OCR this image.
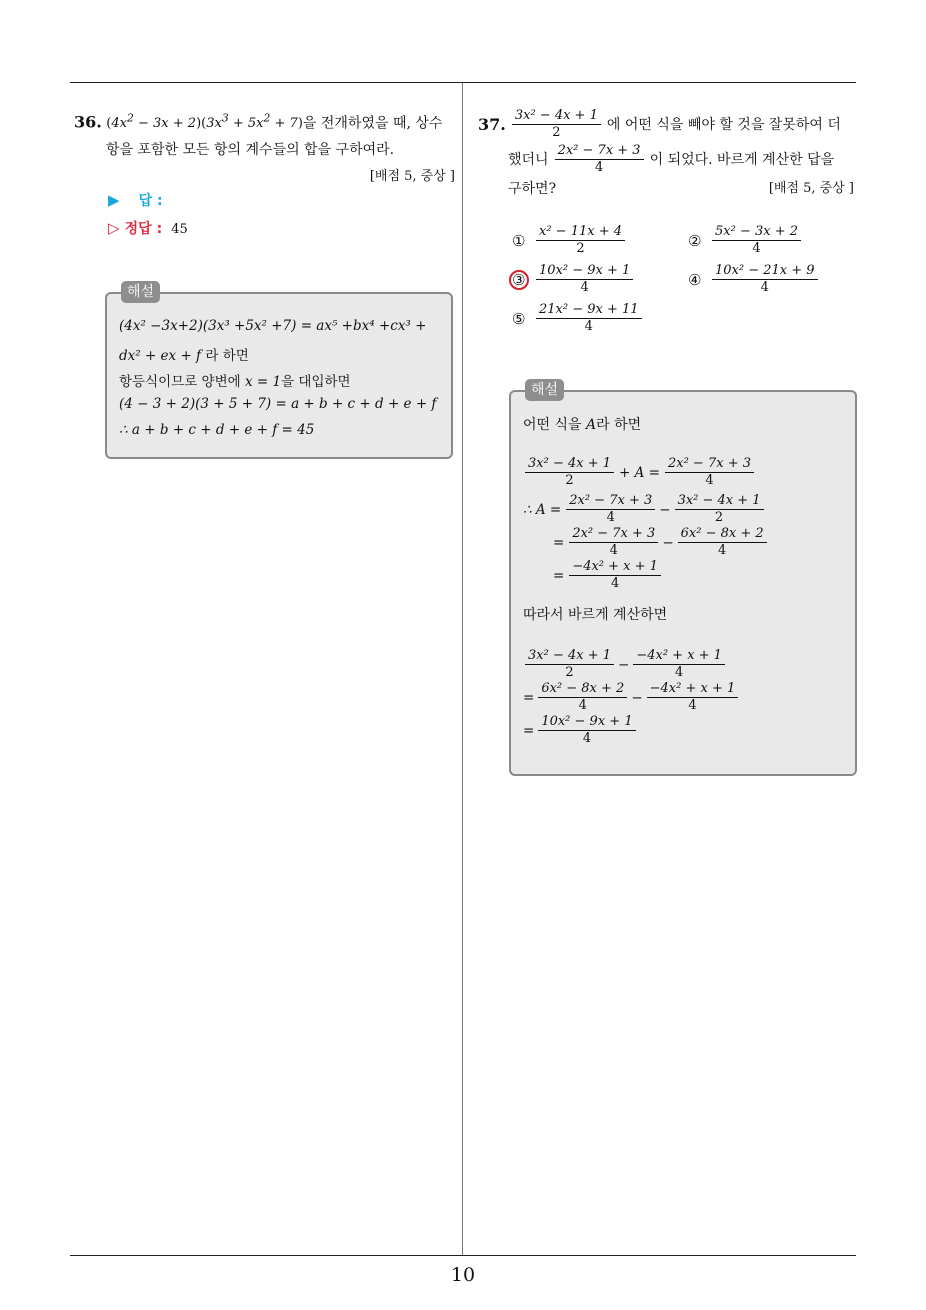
10
36. $(4x^2 - 3x + 2)(3x^3 + 5x^2 + 7)$을 전개하였을 때, 상수
항을 포함한 모든 항의 계수들의 합을 구하여라.
[배점 5, 중상 ]
▶ 답 :
▷ 정답 : 45
해설
(4x² −3x+2)(3x³ +5x² +7) = ax⁵ +bx⁴ +cx³ +
dx² + ex + f 라 하면
항등식이므로 양변에 x = 1을 대입하면
(4 − 3 + 2)(3 + 5 + 7) = a + b + c + d + e + f
∴ a + b + c + d + e + f = 45
37. $\frac{\text{3x² − 4x + 1}}{2}$ 에 어떤 식을 빼야 할 것을 잘못하여 더
했더니 $\frac{\text{2x² − 7x + 3}}{4}$ 이 되었다. 바르게 계산한 답을
구하면?	[배점 5, 중상 ]
① $\frac{\text{x² − 11x + 4}}{2}$	② $\frac{\text{5x² − 3x + 2}}{4}$
③ $\frac{\text{10x² − 9x + 1}}{4}$	④ $\frac{\text{10x² − 21x + 9}}{4}$
⑤ $\frac{\text{21x² − 9x + 11}}{4}$
해설
어떤 식을 A라 하면
$\frac{\text{3x² − 4x + 1}}{2} + A = \frac{\text{2x² − 7x + 3}}{4}$
∴ $A = \frac{\text{2x² − 7x + 3}}{4} - \frac{\text{3x² − 4x + 1}}{2}$
= $\frac{\text{2x² − 7x + 3}}{4} - \frac{\text{6x² − 8x + 2}}{4}$
= $\frac{\text{−4x² + x + 1}}{4}$
따라서 바르게 계산하면
$\frac{\text{3x² − 4x + 1}}{2} - \frac{\text{−4x² + x + 1}}{4}$
= $\frac{\text{6x² − 8x + 2}}{4} - \frac{\text{−4x² + x + 1}}{4}$
= $\frac{\text{10x² − 9x + 1}}{4}$
